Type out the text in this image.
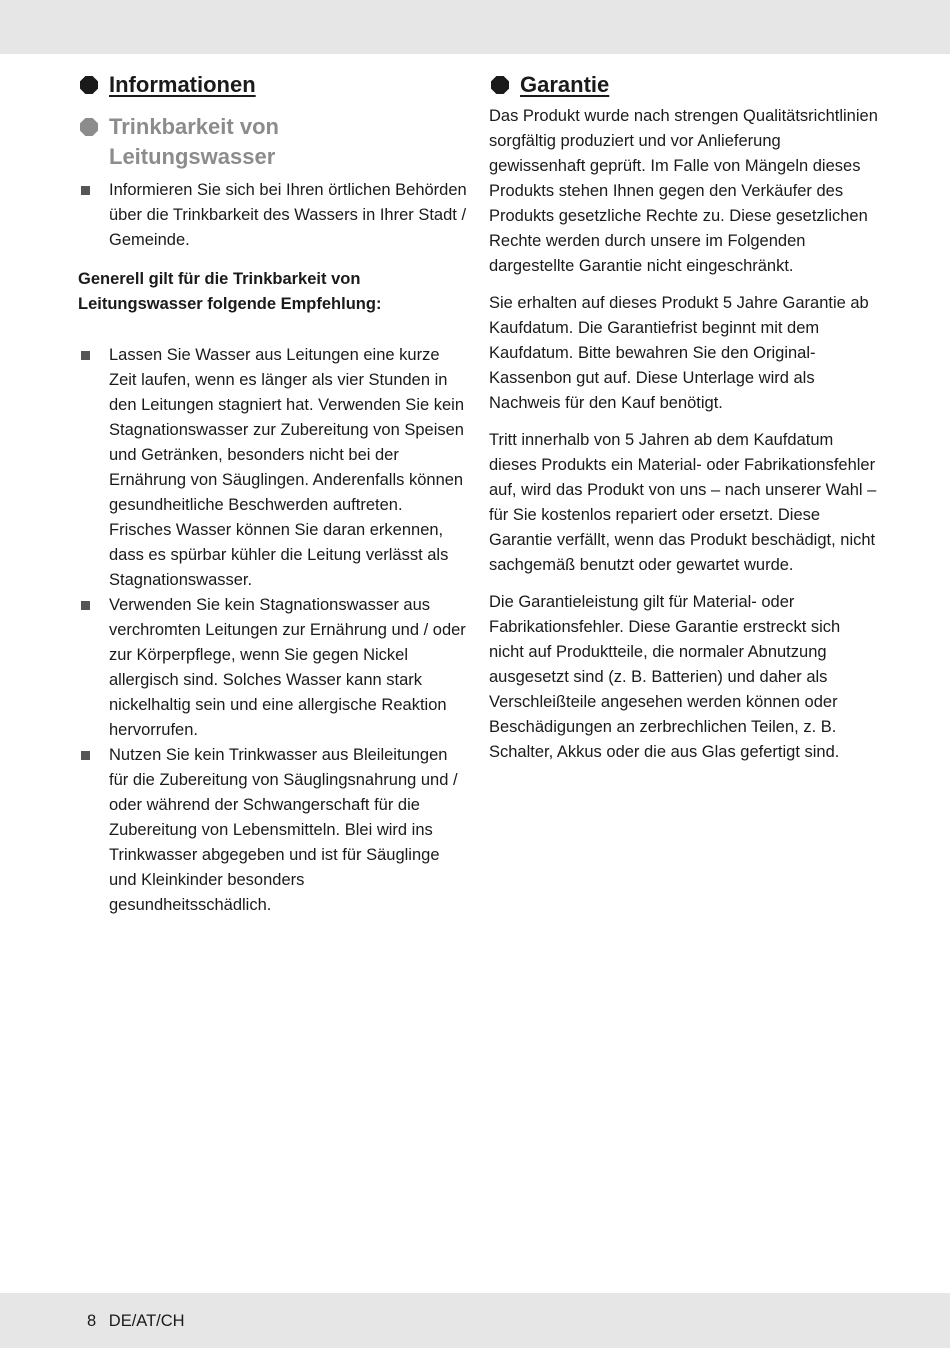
Informationen
Trinkbarkeit von
Leitungswasser
Informieren Sie sich bei Ihren örtlichen Behörden über die Trinkbarkeit des Wassers in Ihrer Stadt / Gemeinde.

Generell gilt für die Trinkbarkeit von Leitungswasser folgende Empfehlung:

Lassen Sie Wasser aus Leitungen eine kurze Zeit laufen, wenn es länger als vier Stunden in den Leitungen stagniert hat. Verwenden Sie kein Stagnationswasser zur Zubereitung von Speisen und Getränken, besonders nicht bei der Ernährung von Säuglingen. Anderenfalls können gesundheitliche Beschwerden auftreten. Frisches Wasser können Sie daran erkennen, dass es spürbar kühler die Leitung verlässt als Stagnationswasser.
Verwenden Sie kein Stagnationswasser aus verchromten Leitungen zur Ernährung und / oder zur Körperpflege, wenn Sie gegen Nickel allergisch sind. Solches Wasser kann stark nickelhaltig sein und eine allergische Reaktion hervorrufen.
Nutzen Sie kein Trinkwasser aus Bleileitungen für die Zubereitung von Säuglingsnahrung und / oder während der Schwangerschaft für die Zubereitung von Lebensmitteln. Blei wird ins Trinkwasser abgegeben und ist für Säuglinge und Kleinkinder besonders gesundheitsschädlich.
Garantie

Das Produkt wurde nach strengen Qualitätsrichtlinien sorgfältig produziert und vor Anlieferung gewissenhaft geprüft. Im Falle von Mängeln dieses Produkts stehen Ihnen gegen den Verkäufer des Produkts gesetzliche Rechte zu. Diese gesetzlichen Rechte werden durch unsere im Folgenden dargestellte Garantie nicht eingeschränkt.

Sie erhalten auf dieses Produkt 5 Jahre Garantie ab Kaufdatum. Die Garantiefrist beginnt mit dem Kaufdatum. Bitte bewahren Sie den Original-Kassenbon gut auf. Diese Unterlage wird als Nachweis für den Kauf benötigt.

Tritt innerhalb von 5 Jahren ab dem Kaufdatum dieses Produkts ein Material- oder Fabrikationsfehler auf, wird das Produkt von uns – nach unserer Wahl – für Sie kostenlos repariert oder ersetzt. Diese Garantie verfällt, wenn das Produkt beschädigt, nicht sachgemäß benutzt oder gewartet wurde.

Die Garantieleistung gilt für Material- oder Fabrikationsfehler. Diese Garantie erstreckt sich nicht auf Produktteile, die normaler Abnutzung ausgesetzt sind (z. B. Batterien) und daher als Verschleißteile angesehen werden können oder Beschädigungen an zerbrechlichen Teilen, z. B. Schalter, Akkus oder die aus Glas gefertigt sind.

8 DE/AT/CH
